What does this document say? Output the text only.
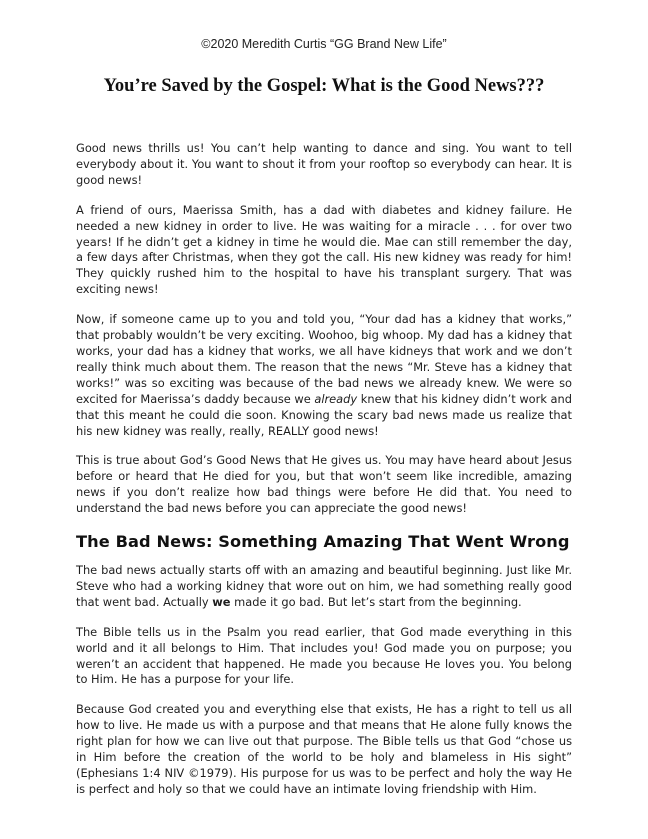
©2020 Meredith Curtis “GG Brand New Life”
You’re Saved by the Gospel: What is the Good News???

Good news thrills us! You can’t help wanting to dance and sing. You want to tell everybody about it. You want to shout it from your rooftop so everybody can hear. It is good news!

A friend of ours, Maerissa Smith, has a dad with diabetes and kidney failure. He needed a new kidney in order to live. He was waiting for a miracle . . . for over two years! If he didn’t get a kidney in time he would die. Mae can still remember the day, a few days after Christmas, when they got the call. His new kidney was ready for him! They quickly rushed him to the hospital to have his transplant surgery. That was exciting news!

Now, if someone came up to you and told you, “Your dad has a kidney that works,” that probably wouldn’t be very exciting. Woohoo, big whoop. My dad has a kidney that works, your dad has a kidney that works, we all have kidneys that work and we don’t really think much about them. The reason that the news “Mr. Steve has a kidney that works!” was so exciting was because of the bad news we already knew. We were so excited for Maerissa’s daddy because we already knew that his kidney didn’t work and that this meant he could die soon. Knowing the scary bad news made us realize that his new kidney was really, really, REALLY good news!

This is true about God’s Good News that He gives us. You may have heard about Jesus before or heard that He died for you, but that won’t seem like incredible, amazing news if you don’t realize how bad things were before He did that. You need to understand the bad news before you can appreciate the good news!

The Bad News: Something Amazing That Went Wrong

The bad news actually starts off with an amazing and beautiful beginning. Just like Mr. Steve who had a working kidney that wore out on him, we had something really good that went bad. Actually we made it go bad. But let’s start from the beginning.

The Bible tells us in the Psalm you read earlier, that God made everything in this world and it all belongs to Him. That includes you! God made you on purpose; you weren’t an accident that happened. He made you because He loves you. You belong to Him. He has a purpose for your life.

Because God created you and everything else that exists, He has a right to tell us all how to live. He made us with a purpose and that means that He alone fully knows the right plan for how we can live out that purpose. The Bible tells us that God “chose us in Him before the creation of the world to be holy and blameless in His sight” (Ephesians 1:4 NIV ©1979). His purpose for us was to be perfect and holy the way He is perfect and holy so that we could have an intimate loving friendship with Him.
